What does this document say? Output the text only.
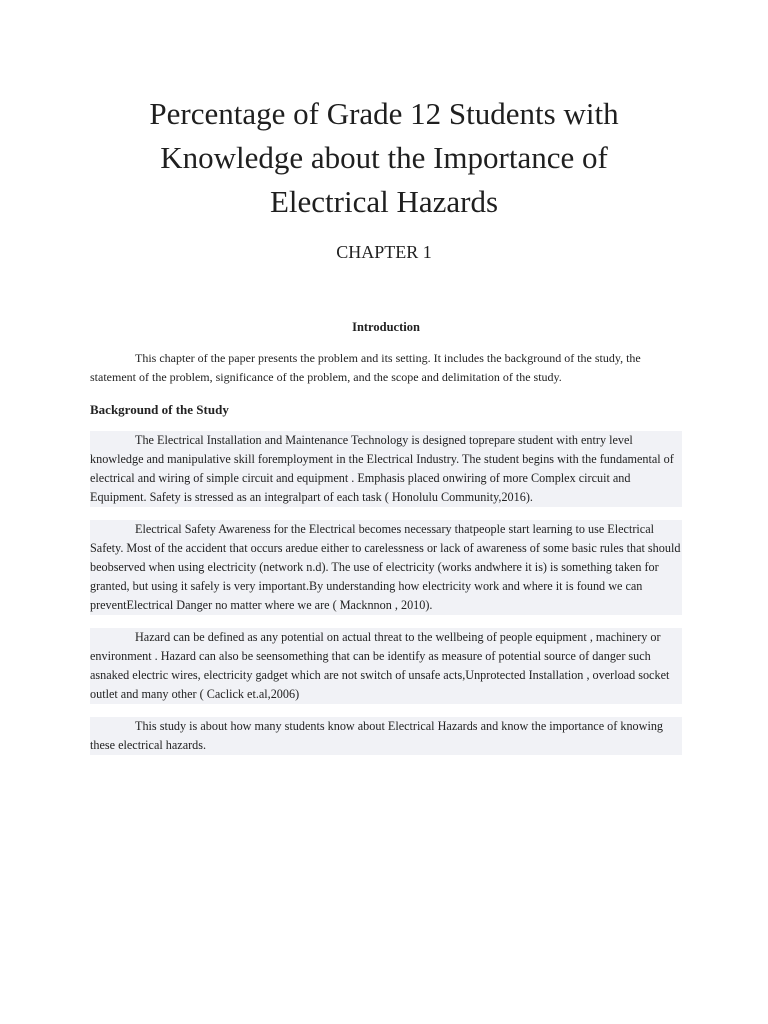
Percentage of Grade 12 Students with
Knowledge about the Importance of
Electrical Hazards
CHAPTER 1
Introduction

This chapter of the paper presents the problem and its setting. It includes the background of the study, the statement of the problem, significance of the problem, and the scope and delimitation of the study.

Background of the Study

The Electrical Installation and Maintenance Technology is designed toprepare student with entry level knowledge and manipulative skill foremployment in the Electrical Industry. The student begins with the fundamental of electrical and wiring of simple circuit and equipment . Emphasis placed onwiring of more Complex circuit and Equipment. Safety is stressed as an integralpart of each task ( Honolulu Community,2016).

Electrical Safety Awareness for the Electrical becomes necessary thatpeople start learning to use Electrical Safety. Most of the accident that occurs aredue either to carelessness or lack of awareness of some basic rules that should beobserved when using electricity (network n.d). The use of electricity (works andwhere it is) is something taken for granted, but using it safely is very important.By understanding how electricity work and where it is found we can preventElectrical Danger no matter where we are ( Macknnon , 2010).

Hazard can be defined as any potential on actual threat to the wellbeing of people equipment , machinery or environment . Hazard can also be seensomething that can be identify as measure of potential source of danger such asnaked electric wires, electricity gadget which are not switch of unsafe acts,Unprotected Installation , overload socket outlet and many other ( Caclick et.al,2006)

This study is about how many students know about Electrical Hazards and know the importance of knowing these electrical hazards.
